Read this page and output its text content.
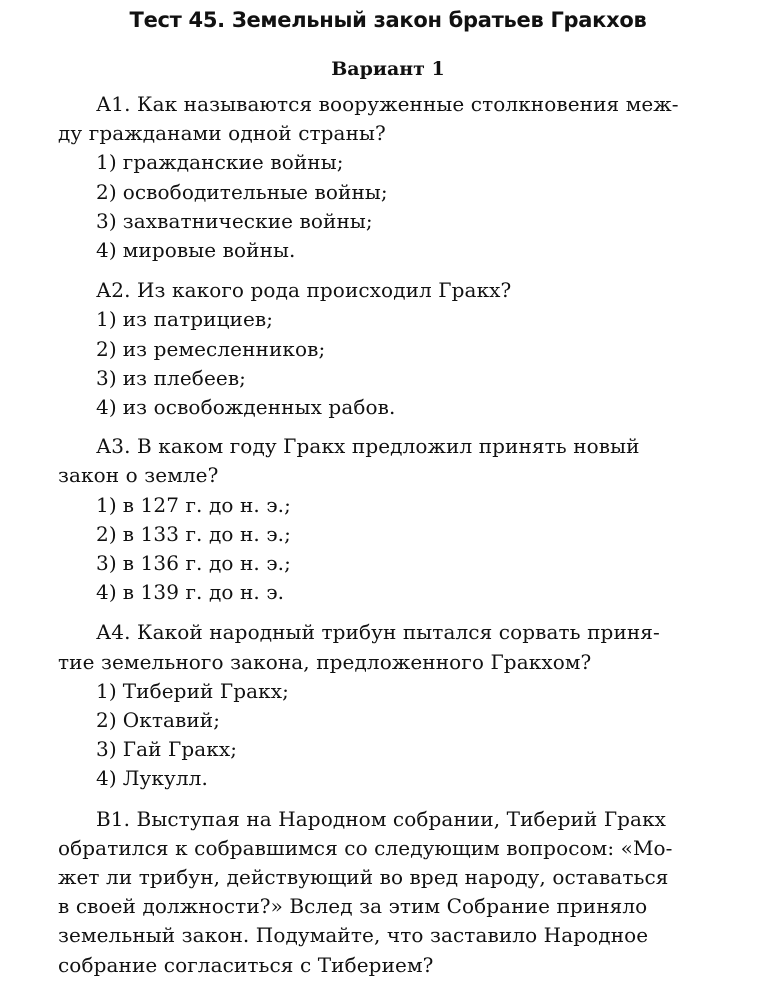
Тест 45. Земельный закон братьев Гракхов
Вариант 1

А1. Как называются вооруженные столкновения меж-
ду гражданами одной страны?

1) гражданские войны;
2) освободительные войны;
3) захватнические войны;
4) мировые войны.

А2. Из какого рода происходил Гракх?

1) из патрициев;
2) из ремесленников;
3) из плебеев;
4) из освобожденных рабов.

А3. В каком году Гракх предложил принять новый
закон о земле?

1) в 127 г. до н. э.;
2) в 133 г. до н. э.;
3) в 136 г. до н. э.;
4) в 139 г. до н. э.

А4. Какой народный трибун пытался сорвать приня-
тие земельного закона, предложенного Гракхом?

1) Тиберий Гракх;
2) Октавий;
3) Гай Гракх;
4) Лукулл.

В1. Выступая на Народном собрании, Тиберий Гракх
обратился к собравшимся со следующим вопросом: «Мо-
жет ли трибун, действующий во вред народу, оставаться
в своей должности?» Вслед за этим Собрание приняло
земельный закон. Подумайте, что заставило Народное
собрание согласиться с Тиберием?
